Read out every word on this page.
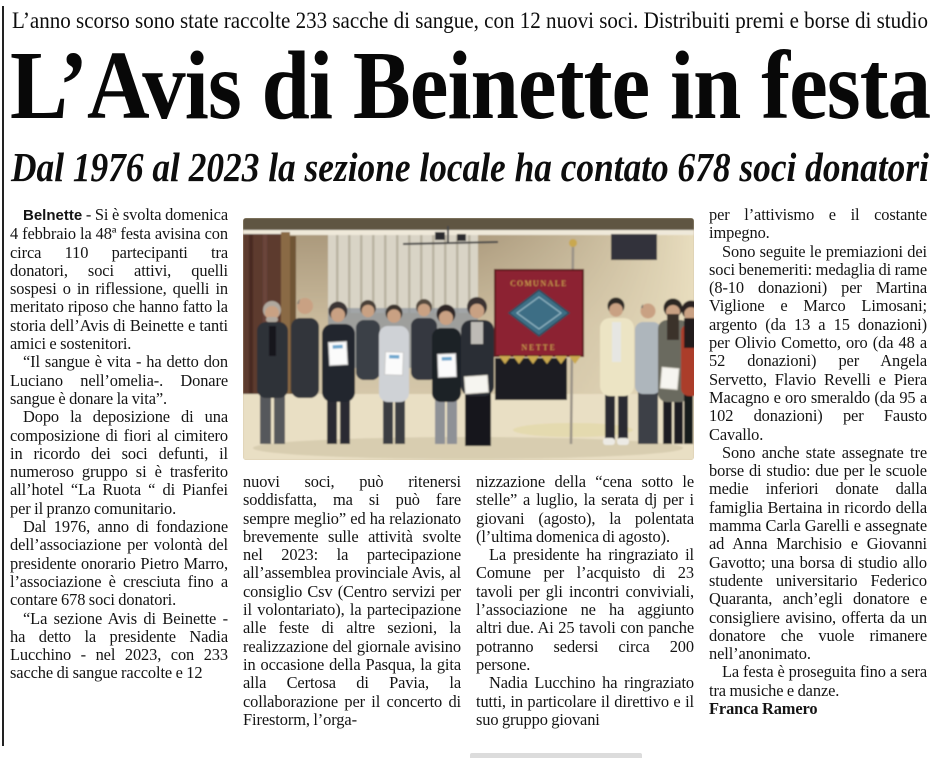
L’anno scorso sono state raccolte 233 sacche di sangue, con 12 nuovi soci. Distribuiti premi e borse di studio
L’Avis di Beinette in festa
Dal 1976 al 2023 la sezione locale ha contato 678 soci donatori

Belnette - Si è svolta domenica 4 febbraio la 48ª festa avisina con circa 110 partecipanti tra donatori, soci attivi, quelli sospesi o in riflessione, quelli in meritato riposo che hanno fatto la storia dell’Avis di Beinette e tanti amici e sostenitori.

“Il sangue è vita - ha detto don Luciano nell’omelia-. Donare sangue è donare la vita”.

Dopo la deposizione di una composizione di fiori al cimitero in ricordo dei soci defunti, il numeroso gruppo si è trasferito all’hotel “La Ruota “ di Pianfei per il pranzo comunitario.

Dal 1976, anno di fondazione dell’associazione per volontà del presidente onorario Pietro Marro, l’associazione è cresciuta fino a contare 678 soci donatori.

“La sezione Avis di Beinette - ha detto la presidente Nadia Lucchino - nel 2023, con 233 sacche di sangue raccolte e 12

COMUNALE
NETTE

nuovi soci, può ritenersi soddisfatta, ma si può fare sempre meglio” ed ha relazionato brevemente sulle attività svolte nel 2023: la partecipazione all’assemblea provinciale Avis, al consiglio Csv (Centro servizi per il volontariato), la partecipazione alle feste di altre sezioni, la realizzazione del giornale avisino in occasione della Pasqua, la gita alla Certosa di Pavia, la collaborazione per il concerto di Firestorm, l’orga-

nizzazione della “cena sotto le stelle” a luglio, la serata dj per i giovani (agosto), la polentata (l’ultima domenica di agosto).

La presidente ha ringraziato il Comune per l’acquisto di 23 tavoli per gli incontri conviviali, l’associazione ne ha aggiunto altri due. Ai 25 tavoli con panche potranno sedersi circa 200 persone.

Nadia Lucchino ha ringraziato tutti, in particolare il direttivo e il suo gruppo giovani

per l’attivismo e il costante impegno.

Sono seguite le premiazioni dei soci benemeriti: medaglia di rame (8-10 donazioni) per Martina Viglione e Marco Limosani; argento (da 13 a 15 donazioni) per Olivio Cometto, oro (da 48 a 52 donazioni) per Angela Servetto, Flavio Revelli e Piera Macagno e oro smeraldo (da 95 a 102 donazioni) per Fausto Cavallo.

Sono anche state assegnate tre borse di studio: due per le scuole medie inferiori donate dalla famiglia Bertaina in ricordo della mamma Carla Garelli e assegnate ad Anna Marchisio e Giovanni Gavotto; una borsa di studio allo studente universitario Federico Quaranta, anch’egli donatore e consigliere avisino, offerta da un donatore che vuole rimanere nell’anonimato.

La festa è proseguita fino a sera tra musiche e danze.

Franca Ramero
